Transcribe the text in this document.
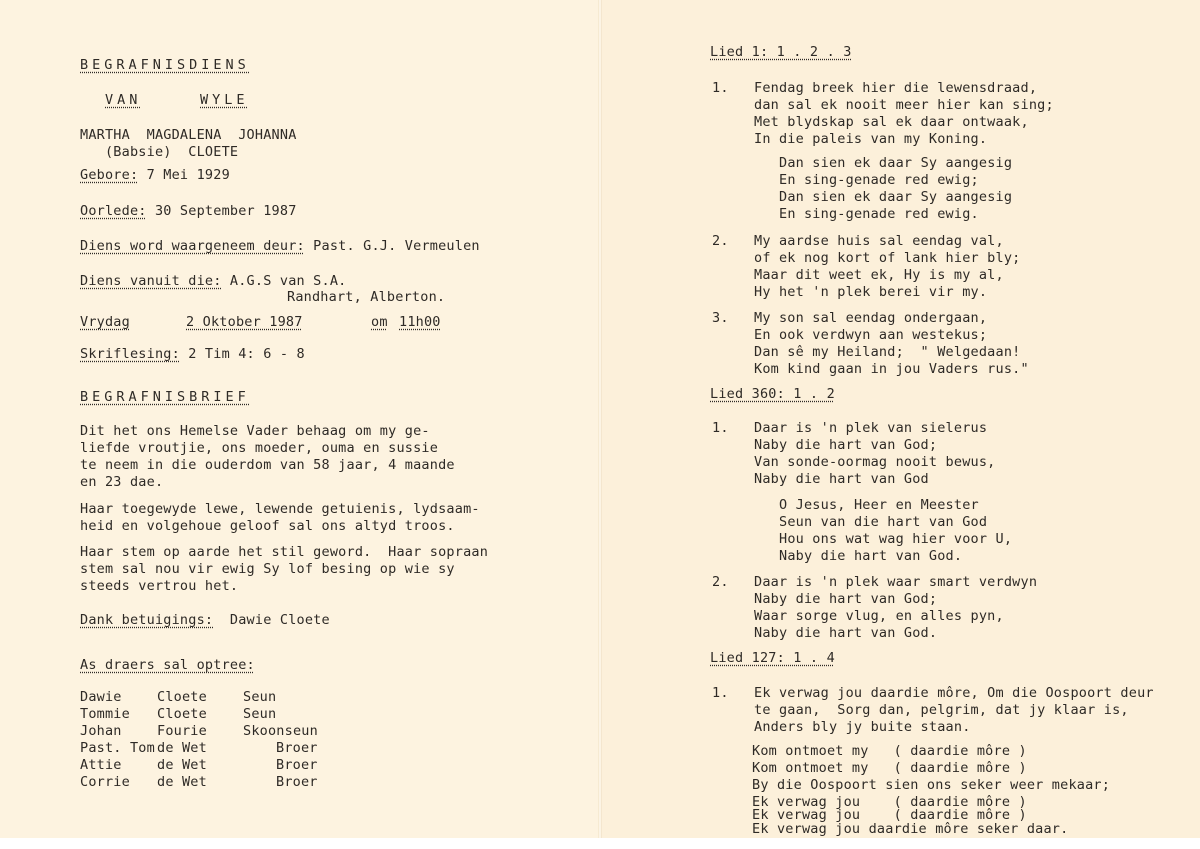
BEGRAFNISDIENS
VAN	WYLE
MARTHA  MAGDALENA  JOHANNA
(Babsie)  CLOETE
Gebore: 7 Mei 1929
Oorlede: 30 September 1987
Diens word waargeneem deur: Past. G.J. Vermeulen
Diens vanuit die: A.G.S van S.A.
Randhart, Alberton.
Vrydag	2 Oktober 1987	om 11h00
Skriflesing: 2 Tim 4: 6 - 8
BEGRAFNISBRIEF
Dit het ons Hemelse Vader behaag om my ge-
liefde vroutjie, ons moeder, ouma en sussie
te neem in die ouderdom van 58 jaar, 4 maande
en 23 dae.
Haar toegewyde lewe, lewende getuienis, lydsaam-
heid en volgehoue geloof sal ons altyd troos.
Haar stem op aarde het stil geword.  Haar sopraan
stem sal nou vir ewig Sy lof besing op wie sy
steeds vertrou het.
Dank betuigings:  Dawie Cloete
As draers sal optree:
Dawie	Cloete	Seun
Tommie Cloete	Seun
Johan	Fourie	Skoonseun
Past. Tom de Wet	Broer
Attie	de Wet	Broer
Corrie de Wet	Broer
Lied 1: 1 . 2 . 3
1. Fendag breek hier die lewensdraad,
dan sal ek nooit meer hier kan sing;
Met blydskap sal ek daar ontwaak,
In die paleis van my Koning.
Dan sien ek daar Sy aangesig
En sing-genade red ewig;
Dan sien ek daar Sy aangesig
En sing-genade red ewig.
2. My aardse huis sal eendag val,
of ek nog kort of lank hier bly;
Maar dit weet ek, Hy is my al,
Hy het 'n plek berei vir my.
3. My son sal eendag ondergaan,
En ook verdwyn aan westekus;
Dan sê my Heiland;  " Welgedaan!
Kom kind gaan in jou Vaders rus."
Lied 360: 1 . 2
1. Daar is 'n plek van sielerus
Naby die hart van God;
Van sonde-oormag nooit bewus,
Naby die hart van God
O Jesus, Heer en Meester
Seun van die hart van God
Hou ons wat wag hier voor U,
Naby die hart van God.
2. Daar is 'n plek waar smart verdwyn
Naby die hart van God;
Waar sorge vlug, en alles pyn,
Naby die hart van God.
Lied 127: 1 . 4
1. Ek verwag jou daardie môre, Om die Oospoort deur
te gaan,  Sorg dan, pelgrim, dat jy klaar is,
Anders bly jy buite staan.
Kom ontmoet my   ( daardie môre )
Kom ontmoet my   ( daardie môre )
By die Oospoort sien ons seker weer mekaar;
Ek verwag jou    ( daardie môre )
Ek verwag jou    ( daardie môre )
Ek verwag jou daardie môre seker daar.
